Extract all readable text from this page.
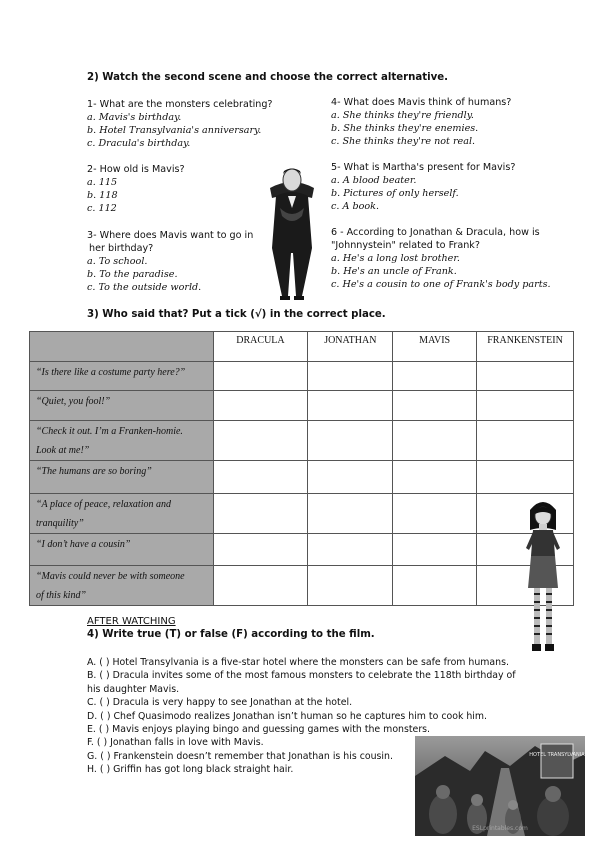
2) Watch the second scene and choose the correct alternative.
1- What are the monsters celebrating?
a. Mavis's birthday.
b. Hotel Transylvania's anniversary.
c. Dracula's birthday.
2- How old is Mavis?
a. 115
b. 118
c. 112
3- Where does Mavis want to go in
her birthday?
a. To school.
b. To the paradise.
c. To the outside world.
4- What does Mavis think of humans?
a. She thinks they're friendly.
b. She thinks they're enemies.
c. She thinks they're not real.
5- What is Martha's present for Mavis?
a. A blood beater.
b. Pictures of only herself.
c. A book.
6 - According to Jonathan & Dracula, how is
"Johnnystein" related to Frank?
a. He's a long lost brother.
b. He's an uncle of Frank.
c. He's a cousin to one of Frank's body parts.
3) Who said that? Put a tick (√) in the correct place.
	DRACULA	JONATHAN	MAVIS	FRANKENSTEIN

“Is there like a costume party here?”				

“Quiet, you fool!”				

“Check it out. I’m a Franken-homie.
Look at me!”				

“The humans are so boring”				

“A place of peace, relaxation and
tranquility”				

“I don’t have a cousin”				

“Mavis could never be with someone
of this kind”				

AFTER WATCHING
4) Write true (T) or false (F) according to the film.
A. ( ) Hotel Transylvania is a five-star hotel where the monsters can be safe from humans.
B. ( ) Dracula invites some of the most famous monsters to celebrate the 118th birthday of
his daughter Mavis.
C. ( ) Dracula is very happy to see Jonathan at the hotel.
D. ( ) Chef Quasimodo realizes Jonathan isn’t human so he captures him to cook him.
E. ( ) Mavis enjoys playing bingo and guessing games with the monsters.
F. ( ) Jonathan falls in love with Mavis.
G. ( ) Frankenstein doesn’t remember that Jonathan is his cousin.
H. ( ) Griffin has got long black straight hair.
HOTEL TRANSYLVANIA
ESLprintables.com
